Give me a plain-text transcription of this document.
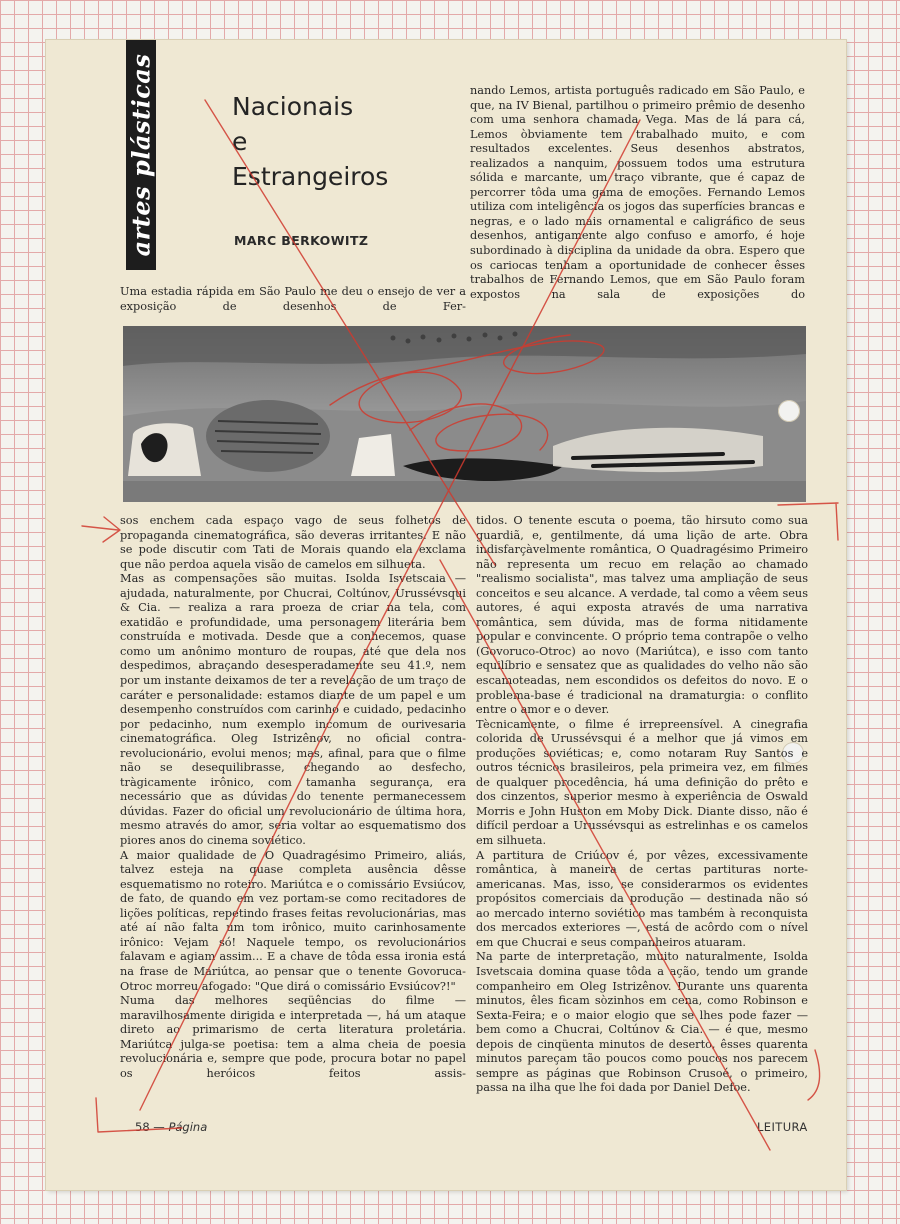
artes plásticas	Nacionais
e
Estrangeiros
MARC BERKOWITZ

nando Lemos, artista português radicado em São Paulo, e que, na IV Bienal, partilhou o primeiro prêmio de desenho com uma senhora chamada Vega. Mas de lá para cá, Lemos òbviamente tem trabalhado muito, e com resultados excelentes. Seus desenhos abstratos, realizados a nanquim, possuem todos uma estrutura sólida e marcante, um traço vibrante, que é capaz de percorrer tôda uma gama de emoções. Fernando Lemos utiliza com inteligência os jogos das superfícies brancas e negras, e o lado mais ornamental e caligráfico de seus desenhos, antigamente algo confuso e amorfo, é hoje subordinado à disciplina da unidade da obra. Espero que os cariocas tenham a oportunidade de conhecer êsses trabalhos de Fernando Lemos, que em São Paulo foram expostos na sala de exposições do

Uma estadia rápida em São Paulo me deu o ensejo de ver a exposição de desenhos de Fer-

sos enchem cada espaço vago de seus folhetos de propaganda cinematográfica, são deveras irritantes. E não se pode discutir com Tati de Morais quando ela exclama que não perdoa aquela visão de camelos em silhueta.

Mas as compensações são muitas. Isolda Isvetscaia — ajudada, naturalmente, por Chucrai, Coltúnov, Urussévsqui & Cia. — realiza a rara proeza de criar na tela, com exatidão e profundidade, uma personagem literária bem construída e motivada. Desde que a conhecemos, quase como um anônimo monturo de roupas, até que dela nos despedimos, abraçando desesperadamente seu 41.º, nem por um instante deixamos de ter a revelação de um traço de caráter e personalidade: estamos diante de um papel e um desempenho construídos com carinho e cuidado, pedacinho por pedacinho, num exemplo incomum de ourivesaria cinematográfica. Oleg Istrizênov, no oficial contra-revolucionário, evolui menos; mas, afinal, para que o filme não se desequilibrasse, chegando ao desfecho, tràgicamente irônico, com tamanha segurança, era necessário que as dúvidas do tenente permanecessem dúvidas. Fazer do oficial um revolucionário de última hora, mesmo através do amor, seria voltar ao esquematismo dos piores anos do cinema soviético.

A maior qualidade de O Quadragésimo Primeiro, aliás, talvez esteja na quase completa ausência dêsse esquematismo no roteiro. Mariútca e o comissário Evsiúcov, de fato, de quando em vez portam-se como recitadores de lições políticas, repetindo frases feitas revolucionárias, mas até aí não falta um tom irônico, muito carinhosamente irônico: Vejam só! Naquele tempo, os revolucionários falavam e agiam assim... E a chave de tôda essa ironia está na frase de Mariútca, ao pensar que o tenente Govoruca-Otroc morreu afogado: "Que dirá o comissário Evsiúcov?!"

Numa das melhores seqüências do filme — maravilhosamente dirigida e interpretada —, há um ataque direto ao primarismo de certa literatura proletária. Mariútca julga-se poetisa: tem a alma cheia de poesia revolucionária e, sempre que pode, procura botar no papel os heróicos feitos assis-

tidos. O tenente escuta o poema, tão hirsuto como sua guardiã, e, gentilmente, dá uma lição de arte. Obra indisfarçàvelmente romântica, O Quadragésimo Primeiro não representa um recuo em relação ao chamado "realismo socialista", mas talvez uma ampliação de seus conceitos e seu alcance. A verdade, tal como a vêem seus autores, é aqui exposta através de uma narrativa romântica, sem dúvida, mas de forma nitidamente popular e convincente. O próprio tema contrapõe o velho (Govoruco-Otroc) ao novo (Mariútca), e isso com tanto equilíbrio e sensatez que as qualidades do velho não são escamoteadas, nem escondidos os defeitos do novo. E o problema-base é tradicional na dramaturgia: o conflito entre o amor e o dever.

Tècnicamente, o filme é irrepreensível. A cinegrafia colorida de Urussévsqui é a melhor que já vimos em produções soviéticas; e, como notaram Ruy Santos e outros técnicos brasileiros, pela primeira vez, em filmes de qualquer procedência, há uma definição do prêto e dos cinzentos, superior mesmo à experiência de Oswald Morris e John Huston em Moby Dick. Diante disso, não é difícil perdoar a Urussévsqui as estrelinhas e os camelos em silhueta.

A partitura de Criúcov é, por vêzes, excessivamente romântica, à maneira de certas partituras norte-americanas. Mas, isso, se considerarmos os evidentes propósitos comerciais da produção — destinada não só ao mercado interno soviético mas também à reconquista dos mercados exteriores —, está de acôrdo com o nível em que Chucrai e seus companheiros atuaram.

Na parte de interpretação, muito naturalmente, Isolda Isvetscaia domina quase tôda a ação, tendo um grande companheiro em Oleg Istrizênov. Durante uns quarenta minutos, êles ficam sòzinhos em cena, como Robinson e Sexta-Feira; e o maior elogio que se lhes pode fazer — bem como a Chucrai, Coltúnov & Cia. — é que, mesmo depois de cinqüenta minutos de deserto, êsses quarenta minutos pareçam tão poucos como poucos nos parecem sempre as páginas que Robinson Crusoé, o primeiro, passa na ilha que lhe foi dada por Daniel Defoe.

58 — Página	LEITURA
